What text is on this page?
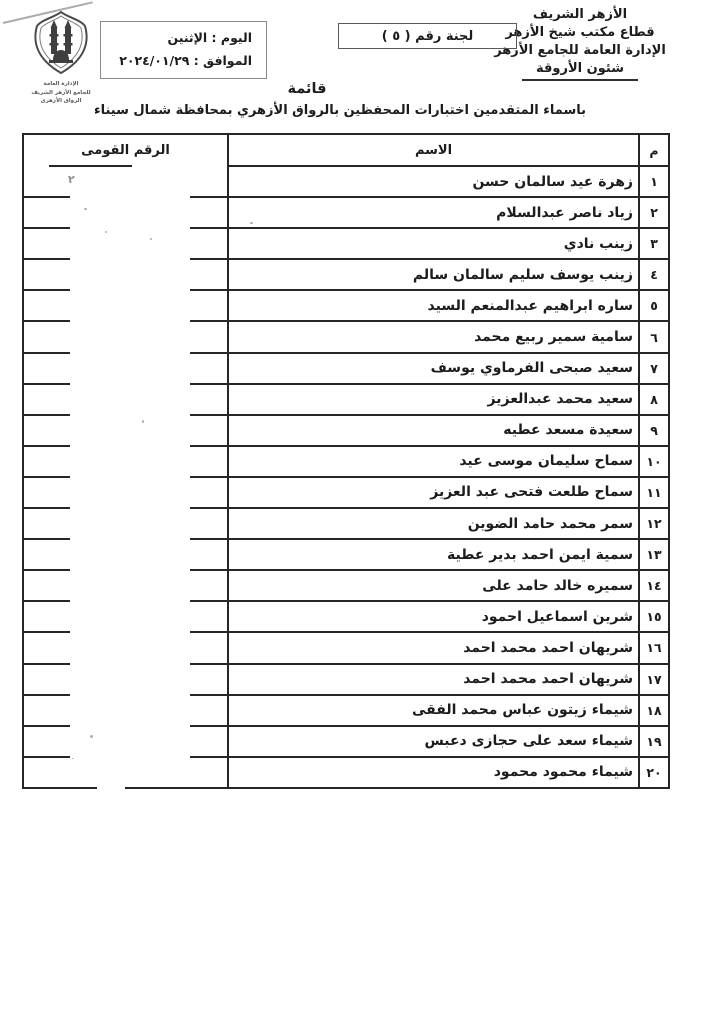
الأزهر الشريف
قطاع مكتب شيخ الأزهر
الإدارة العامة للجامع الأزهر
شئون الأروقة
لجنة رقم ( ٥ )
اليوم : الإثنين
الموافق : ٢٠٢٤/٠١/٢٩
الإدارة العامة
للجامع الأزهر الشريف
الرواق الأزهرى
قائمة
باسماء المتقدمين اختبارات المحفظين بالرواق الأزهري بمحافظة شمال سيناء
م
الاسم
الرقم القومى
١
زهرة عيد سالمان حسن
٢
٢
زياد ناصر عبدالسلام
٣
زينب نادي
٤
زينب يوسف سليم سالمان سالم
٥
ساره ابراهيم عبدالمنعم السيد
٦
سامية سمير ربيع محمد
٧
سعيد صبحى الفرماوي يوسف
٨
سعيد محمد عبدالعزيز
٩
سعيدة مسعد عطيه
١٠
سماح سليمان موسى عيد
١١
سماح طلعت فتحى عبد العزيز
١٢
سمر محمد حامد الضوين
١٣
سمية ايمن احمد بدير عطية
١٤
سميره خالد حامد على
١٥
شرين اسماعيل احمود
١٦
شريهان احمد محمد احمد
١٧
شريهان احمد محمد احمد
١٨
شيماء زيتون عباس محمد الفقى
١٩
شيماء سعد على حجازى دعبس
٢٠
شيماء محمود محمود
